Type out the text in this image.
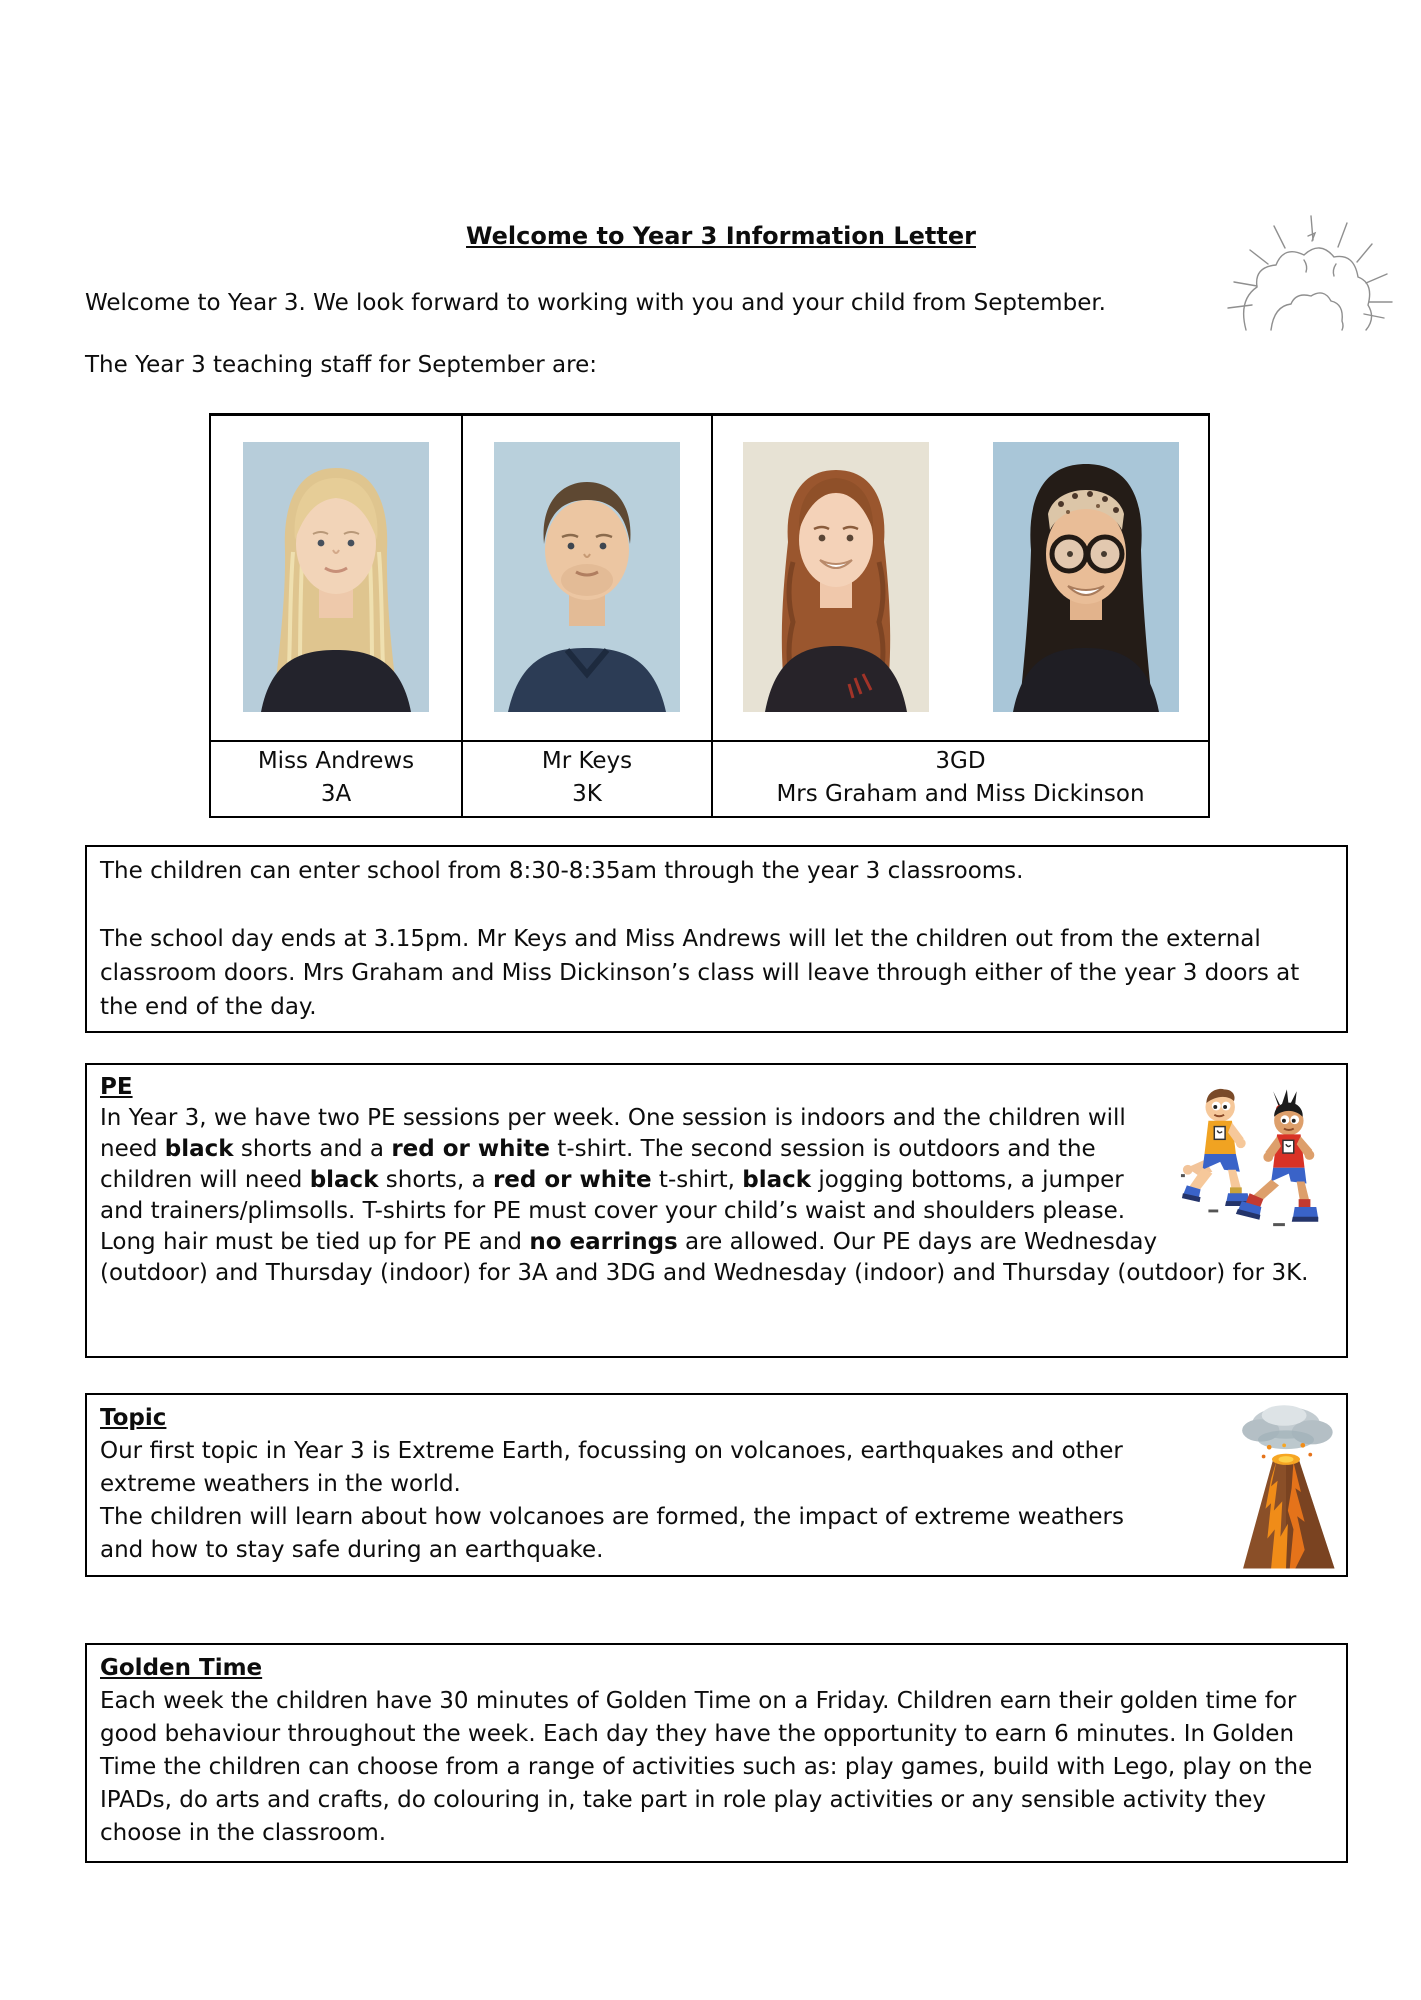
Welcome to Year 3 Information Letter
Welcome to Year 3. We look forward to working with you and your child from September.
The Year 3 teaching staff for September are:
Miss Andrews
3A
Mr Keys
3K
3GD
Mrs Graham and Miss Dickinson
The children can enter school from 8:30-8:35am through the year 3 classrooms.
The school day ends at 3.15pm. Mr Keys and Miss Andrews will let the children out from the external classroom doors. Mrs Graham and Miss Dickinson’s class will leave through either of the year 3 doors at the end of the day.
PE
In Year 3, we have two PE sessions per week. One session is indoors and the children will need black shorts and a red or white t-shirt. The second session is outdoors and the children will need black shorts, a red or white t-shirt, black jogging bottoms, a jumper and trainers/plimsolls. T-shirts for PE must cover your child’s waist and shoulders please. Long hair must be tied up for PE and no earrings are allowed. Our PE days are Wednesday (outdoor) and Thursday (indoor) for 3A and 3DG and Wednesday (indoor) and Thursday (outdoor) for 3K.
Topic
Our first topic in Year 3 is Extreme Earth, focussing on volcanoes, earthquakes and other extreme weathers in the world.
The children will learn about how volcanoes are formed, the impact of extreme weathers and how to stay safe during an earthquake.
Golden Time
Each week the children have 30 minutes of Golden Time on a Friday. Children earn their golden time for good behaviour throughout the week. Each day they have the opportunity to earn 6 minutes. In Golden Time the children can choose from a range of activities such as: play games, build with Lego, play on the IPADs, do arts and crafts, do colouring in, take part in role play activities or any sensible activity they choose in the classroom.
